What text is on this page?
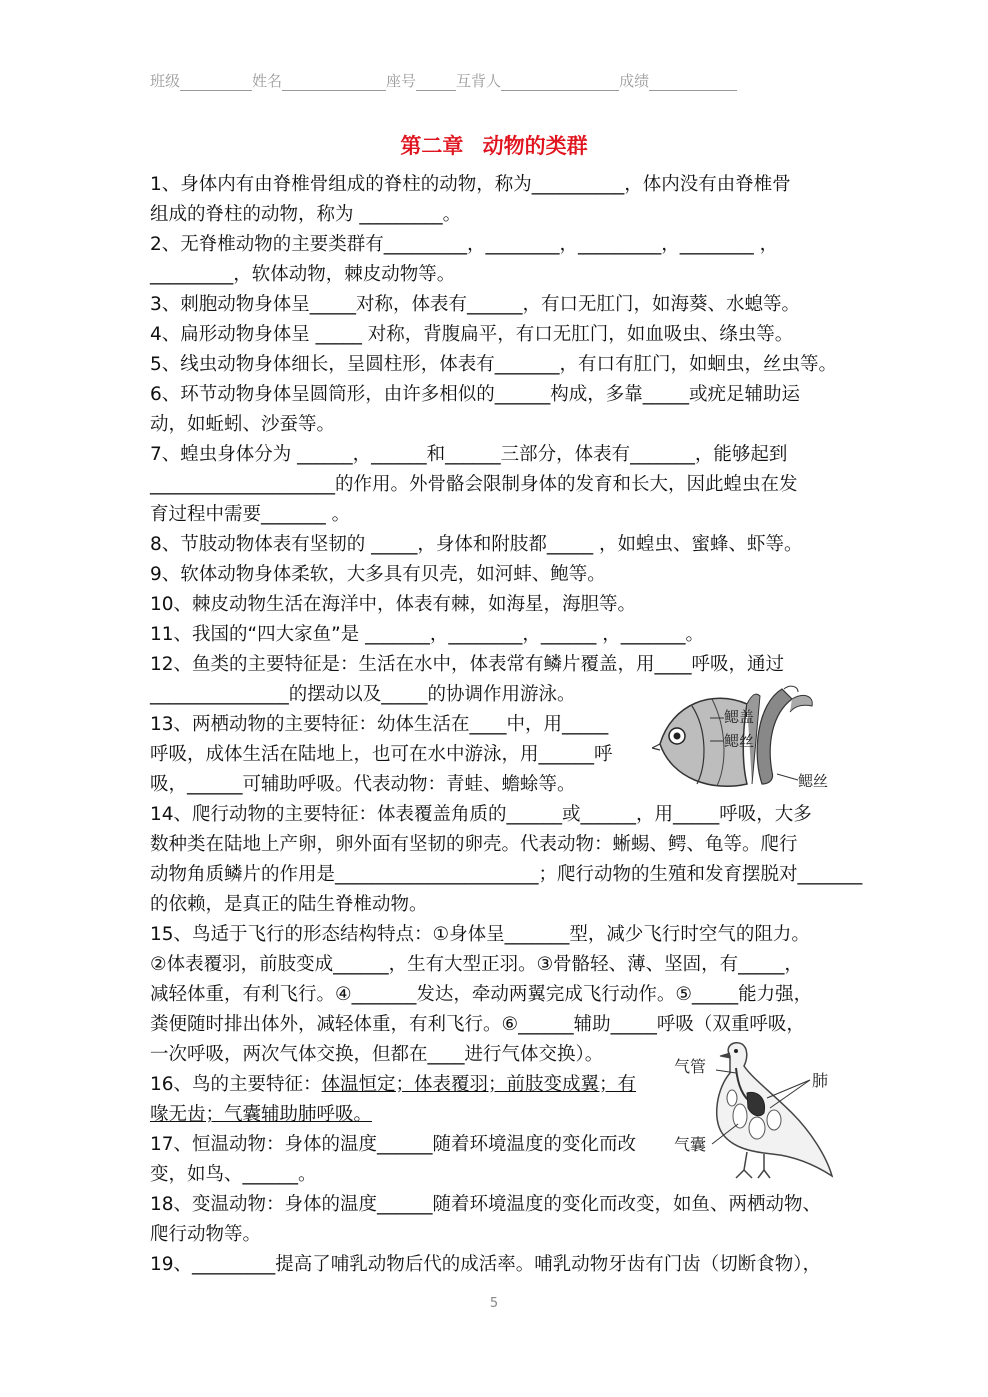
班级	姓名	座号	互背人	成绩
第二章 动物的类群
1、身体内有由脊椎骨组成的脊柱的动物，称为__________，体内没有由脊椎骨
组成的脊柱的动物，称为 _________。
2、无脊椎动物的主要类群有_________，________，_________，________ ，
_________，软体动物，棘皮动物等。
3、刺胞动物身体呈_____对称，体表有______，有口无肛门，如海葵、水螅等。
4、扁形动物身体呈 _____ 对称，背腹扁平，有口无肛门，如血吸虫、绦虫等。
5、线虫动物身体细长，呈圆柱形，体表有_______，有口有肛门，如蛔虫，丝虫等。
6、环节动物身体呈圆筒形，由许多相似的______构成，多靠_____或疣足辅助运
动，如蚯蚓、沙蚕等。
7、蝗虫身体分为 ______，______和______三部分，体表有_______，能够起到
____________________的作用。外骨骼会限制身体的发育和长大，因此蝗虫在发
育过程中需要_______ 。
8、节肢动物体表有坚韧的 _____，身体和附肢都_____ ，如蝗虫、蜜蜂、虾等。
9、软体动物身体柔软，大多具有贝壳，如河蚌、鲍等。
10、棘皮动物生活在海洋中，体表有棘，如海星，海胆等。
11、我国的“四大家鱼”是 _______，________，______ ，_______。
12、鱼类的主要特征是：生活在水中，体表常有鳞片覆盖，用____呼吸，通过
_______________的摆动以及_____的协调作用游泳。
13、两栖动物的主要特征：幼体生活在____中，用_____
呼吸，成体生活在陆地上，也可在水中游泳，用______呼
吸，______可辅助呼吸。代表动物：青蛙、蟾蜍等。
14、爬行动物的主要特征：体表覆盖角质的______或______，用_____呼吸，大多
数种类在陆地上产卵，卵外面有坚韧的卵壳。代表动物：蜥蜴、鳄、龟等。爬行
动物角质鳞片的作用是______________________；爬行动物的生殖和发育摆脱对_______
的依赖，是真正的陆生脊椎动物。
15、鸟适于飞行的形态结构特点：①身体呈_______型，减少飞行时空气的阻力。
②体表覆羽，前肢变成______，生有大型正羽。③骨骼轻、薄、坚固，有_____，
减轻体重，有利飞行。④_______发达，牵动两翼完成飞行动作。⑤_____能力强，
粪便随时排出体外，减轻体重，有利飞行。⑥______辅助_____呼吸（双重呼吸，
一次呼吸，两次气体交换，但都在____进行气体交换）。
16、鸟的主要特征：体温恒定；体表覆羽；前肢变成翼；有
喙无齿；气囊辅助肺呼吸。
17、恒温动物：身体的温度______随着环境温度的变化而改
变，如鸟、______。
18、变温动物：身体的温度______随着环境温度的变化而改变，如鱼、两栖动物、
爬行动物等。
19、_________提高了哺乳动物后代的成活率。哺乳动物牙齿有门齿（切断食物），
鳃盖
鳃丝
鳃丝
气管
肺
气囊
5
